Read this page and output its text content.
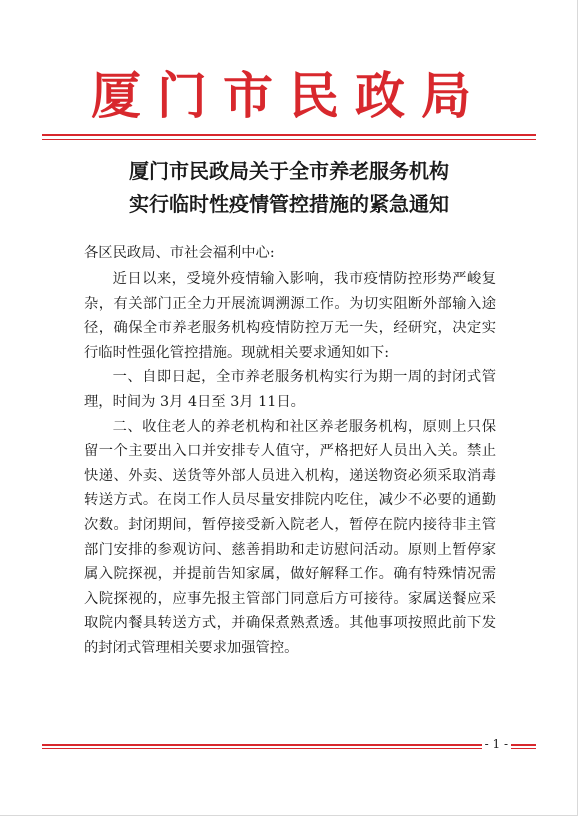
厦门市民政局
厦门市民政局关于全市养老服务机构
实行临时性疫情管控措施的紧急通知
各区民政局、市社会福利中心:

近日以来，受境外疫情输入影响，我市疫情防控形势严峻复杂，有关部门正全力开展流调溯源工作。为切实阻断外部输入途径，确保全市养老服务机构疫情防控万无一失，经研究，决定实行临时性强化管控措施。现就相关要求通知如下:

一、自即日起，全市养老服务机构实行为期一周的封闭式管理，时间为 3月 4日至 3月 11日。

二、收住老人的养老机构和社区养老服务机构，原则上只保留一个主要出入口并安排专人值守，严格把好人员出入关。禁止快递、外卖、送货等外部人员进入机构，递送物资必须采取消毒转送方式。在岗工作人员尽量安排院内吃住，减少不必要的通勤次数。封闭期间，暂停接受新入院老人，暂停在院内接待非主管部门安排的参观访问、慈善捐助和走访慰问活动。原则上暂停家属入院探视，并提前告知家属，做好解释工作。确有特殊情况需入院探视的，应事先报主管部门同意后方可接待。家属送餐应采取院内餐具转送方式，并确保煮熟煮透。其他事项按照此前下发的封闭式管理相关要求加强管控。

- 1 -
